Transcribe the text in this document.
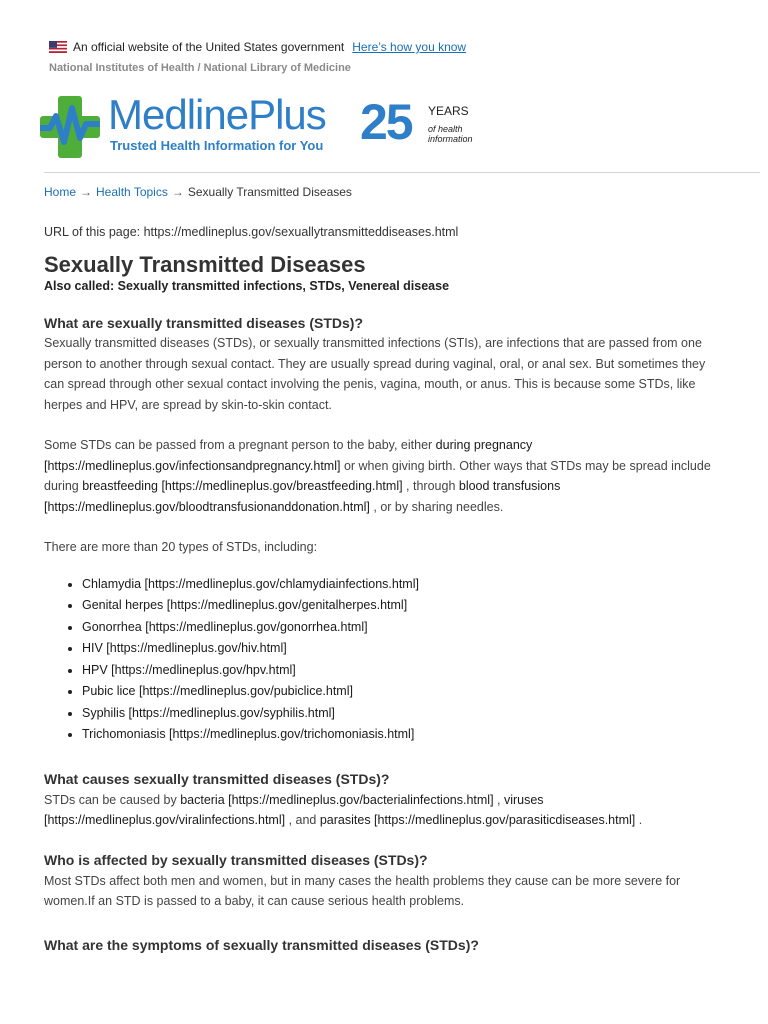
An official website of the United States government Here’s how you know
National Institutes of Health / National Library of Medicine
MedlinePlus
Trusted Health Information for You 25 YEARS
of health information
Home → Health Topics → Sexually Transmitted Diseases
URL of this page: https://medlineplus.gov/sexuallytransmitteddiseases.html
Sexually Transmitted Diseases
Also called: Sexually transmitted infections, STDs, Venereal disease
What are sexually transmitted diseases (STDs)?

Sexually transmitted diseases (STDs), or sexually transmitted infections (STIs), are infections that are passed from one person to another through sexual contact. They are usually spread during vaginal, oral, or anal sex. But sometimes they can spread through other sexual contact involving the penis, vagina, mouth, or anus. This is because some STDs, like herpes and HPV, are spread by skin-to-skin contact.

Some STDs can be passed from a pregnant person to the baby, either during pregnancy [https://medlineplus.gov/infectionsandpregnancy.html] or when giving birth. Other ways that STDs may be spread include during breastfeeding [https://medlineplus.gov/breastfeeding.html] , through blood transfusions [https://medlineplus.gov/bloodtransfusionanddonation.html] , or by sharing needles.

There are more than 20 types of STDs, including:

• Chlamydia [https://medlineplus.gov/chlamydiainfections.html]
• Genital herpes [https://medlineplus.gov/genitalherpes.html]
• Gonorrhea [https://medlineplus.gov/gonorrhea.html]
• HIV [https://medlineplus.gov/hiv.html]
• HPV [https://medlineplus.gov/hpv.html]
• Pubic lice [https://medlineplus.gov/pubiclice.html]
• Syphilis [https://medlineplus.gov/syphilis.html]
• Trichomoniasis [https://medlineplus.gov/trichomoniasis.html]
What causes sexually transmitted diseases (STDs)?

STDs can be caused by bacteria [https://medlineplus.gov/bacterialinfections.html] , viruses [https://medlineplus.gov/viralinfections.html] , and parasites [https://medlineplus.gov/parasiticdiseases.html] .

Who is affected by sexually transmitted diseases (STDs)?

Most STDs affect both men and women, but in many cases the health problems they cause can be more severe for women.If an STD is passed to a baby, it can cause serious health problems.

What are the symptoms of sexually transmitted diseases (STDs)?
